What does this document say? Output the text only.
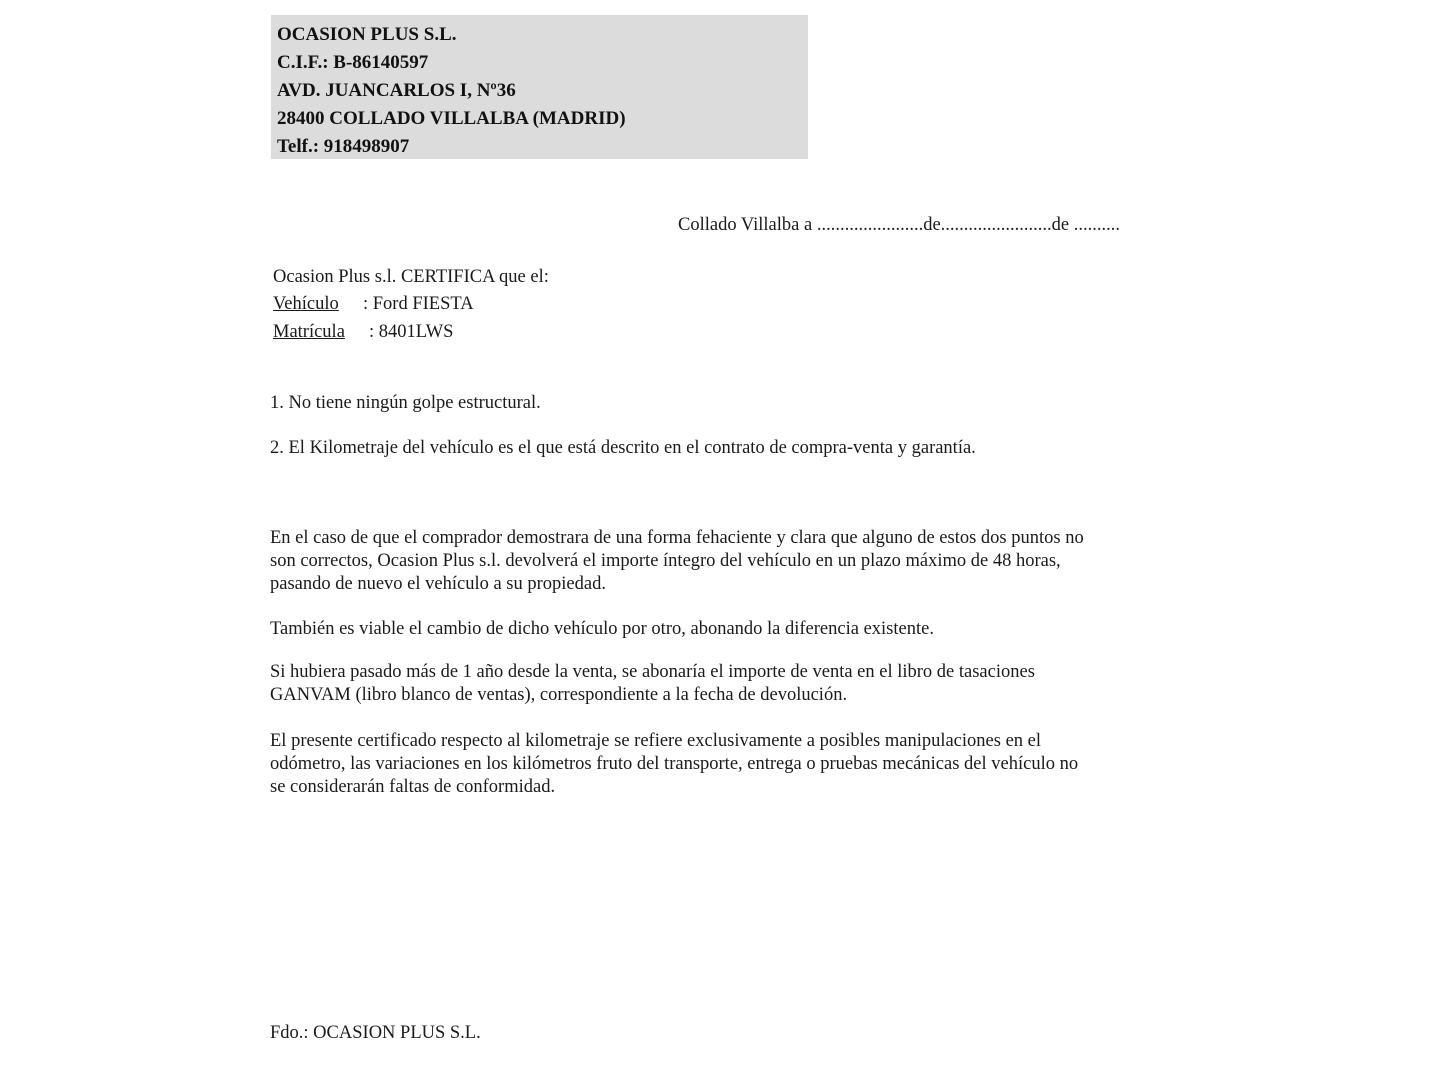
OCASION PLUS S.L.
C.I.F.: B-86140597
AVD. JUANCARLOS I, Nº36
28400 COLLADO VILLALBA (MADRID)
Telf.: 918498907
Collado Villalba a .......................de........................de ..........
Ocasion Plus s.l. CERTIFICA que el:
Vehículo : Ford FIESTA
Matrícula : 8401LWS
1. No tiene ningún golpe estructural.
2. El Kilometraje del vehículo es el que está descrito en el contrato de compra-venta y garantía.
En el caso de que el comprador demostrara de una forma fehaciente y clara que alguno de estos dos puntos no
son correctos, Ocasion Plus s.l. devolverá el importe íntegro del vehículo en un plazo máximo de 48 horas,
pasando de nuevo el vehículo a su propiedad.
También es viable el cambio de dicho vehículo por otro, abonando la diferencia existente.
Si hubiera pasado más de 1 año desde la venta, se abonaría el importe de venta en el libro de tasaciones
GANVAM (libro blanco de ventas), correspondiente a la fecha de devolución.
El presente certificado respecto al kilometraje se refiere exclusivamente a posibles manipulaciones en el
odómetro, las variaciones en los kilómetros fruto del transporte, entrega o pruebas mecánicas del vehículo no
se considerarán faltas de conformidad.
Fdo.: OCASION PLUS S.L.
